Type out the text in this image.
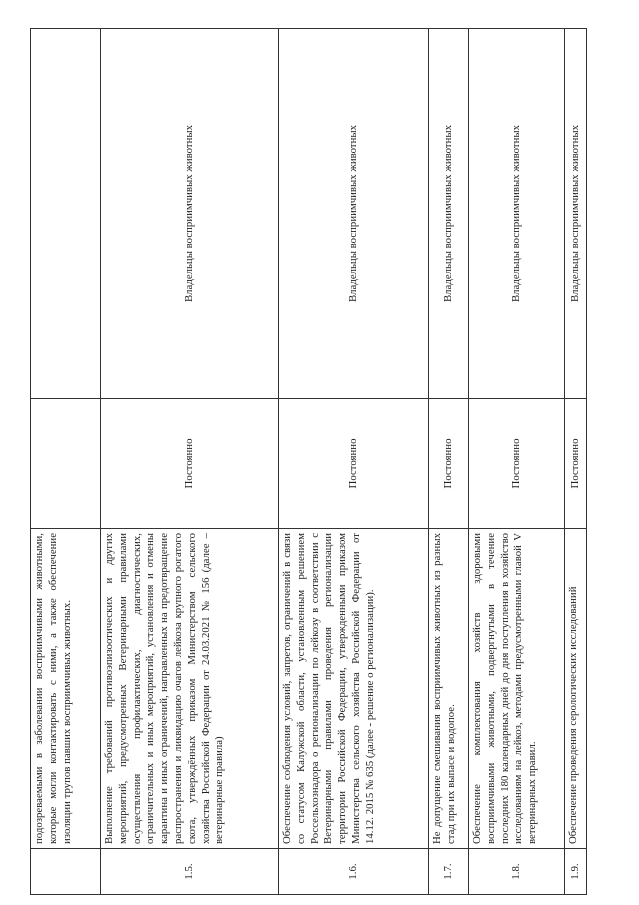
	подозреваемыми в заболевании восприимчивыми животными, которые могли контактировать с ними, а также обеспечение изоляции трупов павших восприимчивых животных.		
1.5.	Выполнение требований противоэпизоотических и других мероприятий, предусмотренных Ветеринарными правилами осуществления профилактических, диагностических, ограничительных и иных мероприятий, установления и отмены карантина и иных ограничений, направленных на предотвращение распространения и ликвидацию очагов лейкоза крупного рогатого скота, утверждённых приказом Министерством сельского хозяйства Российской Федерации от 24.03.2021 № 156 (далее – ветеринарные правила)	Постоянно	Владельцы восприимчивых животных
1.6.	Обеспечение соблюдения условий, запретов, ограничений в связи со статусом Калужской области, установленным решением Россельхознадора о регионализации по лейкозу в соответствии с Ветеринарными правилами проведения регионализации территории Российской Федерации, утвержденными приказом Министерства сельского хозяйства Российской Федерации от 14.12. 2015 № 635 (далее - решение о регионализации).	Постоянно	Владельцы восприимчивых животных
1.7.	Не допущение смешивания восприимчивых животных из разных стад при их выпасе и водопое.	Постоянно	Владельцы восприимчивых животных
1.8.	Обеспечение комплектования хозяйств здоровыми восприимчивыми животными, подвергнутыми в течение последних 180 календарных дней до дня поступления в хозяйство исследованиям на лейкоз, методами предусмотренными главой V ветеринарных правил.	Постоянно	Владельцы восприимчивых животных
1.9.	Обеспечение проведения серологических исследований	Постоянно	Владельцы восприимчивых животных
